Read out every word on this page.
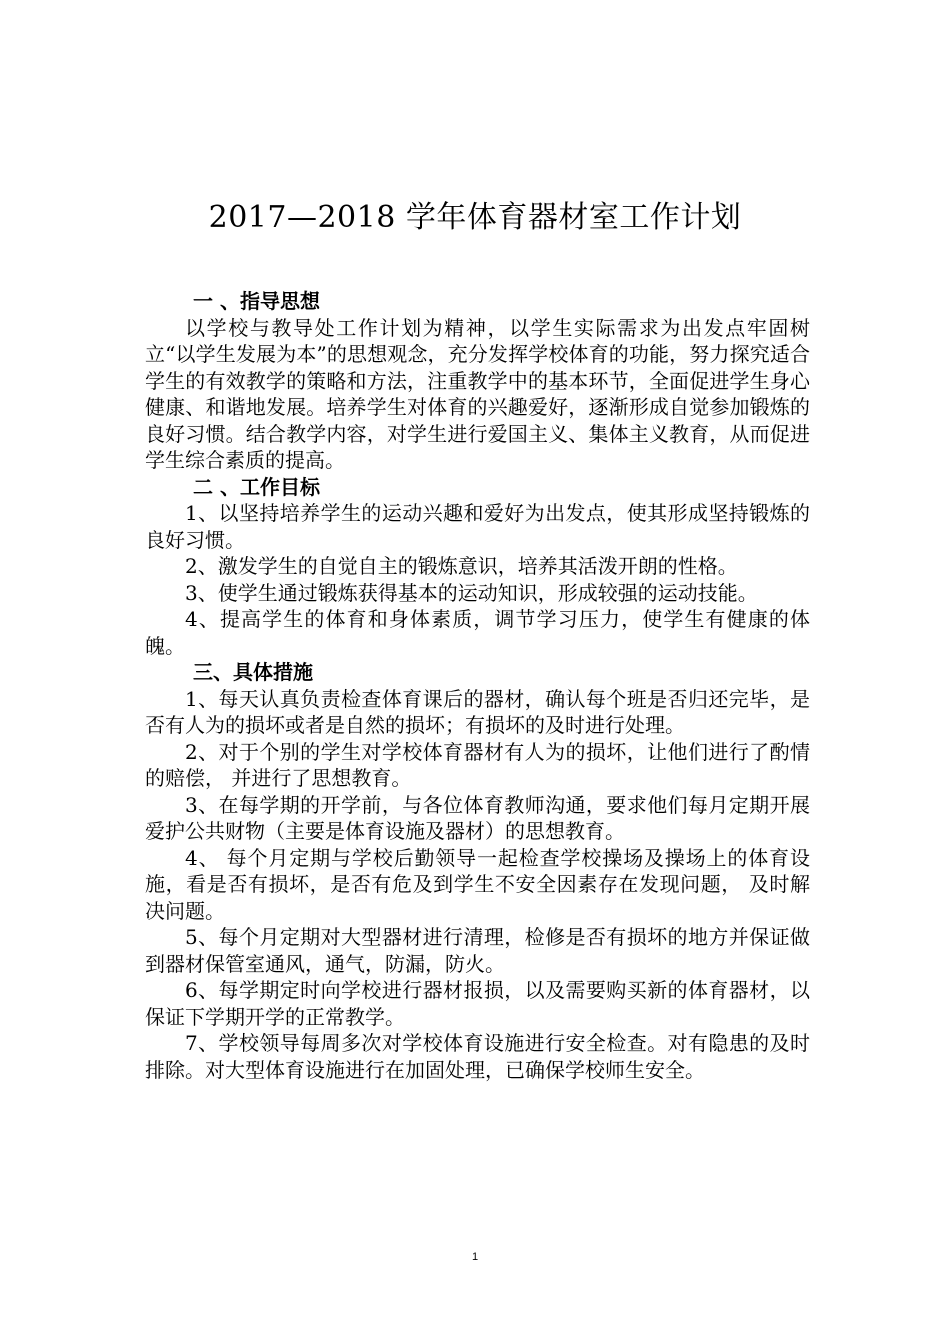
2017—2018 学年体育器材室工作计划
一 、指导思想

以学校与教导处工作计划为精神，以学生实际需求为出发点牢固树立“以学生发展为本”的思想观念，充分发挥学校体育的功能，努力探究适合学生的有效教学的策略和方法，注重教学中的基本环节，全面促进学生身心健康、和谐地发展。培养学生对体育的兴趣爱好，逐渐形成自觉参加锻炼的良好习惯。结合教学内容，对学生进行爱国主义、集体主义教育，从而促进学生综合素质的提高。

二 、工作目标

1、以坚持培养学生的运动兴趣和爱好为出发点，使其形成坚持锻炼的良好习惯。

2、激发学生的自觉自主的锻炼意识，培养其活泼开朗的性格。

3、使学生通过锻炼获得基本的运动知识，形成较强的运动技能。

4、提高学生的体育和身体素质，调节学习压力，使学生有健康的体魄。

三、具体措施

1、每天认真负责检查体育课后的器材，确认每个班是否归还完毕，是否有人为的损坏或者是自然的损坏；有损坏的及时进行处理。

2、对于个别的学生对学校体育器材有人为的损坏，让他们进行了酌情的赔偿， 并进行了思想教育。

3、在每学期的开学前，与各位体育教师沟通，要求他们每月定期开展爱护公共财物（主要是体育设施及器材）的思想教育。

4、 每个月定期与学校后勤领导一起检查学校操场及操场上的体育设施，看是否有损坏，是否有危及到学生不安全因素存在发现问题， 及时解决问题。

5、每个月定期对大型器材进行清理，检修是否有损坏的地方并保证做到器材保管室通风，通气，防漏，防火。

6、每学期定时向学校进行器材报损，以及需要购买新的体育器材，以保证下学期开学的正常教学。

7、学校领导每周多次对学校体育设施进行安全检查。对有隐患的及时排除。对大型体育设施进行在加固处理，已确保学校师生安全。

1
